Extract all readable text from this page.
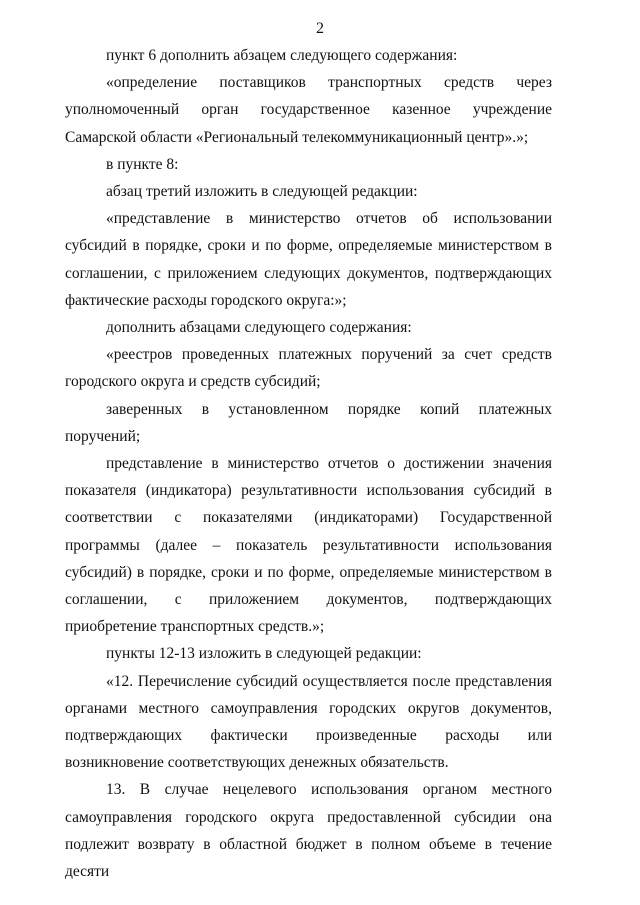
2

пункт 6 дополнить абзацем следующего содержания:

«определение поставщиков транспортных средств через уполномоченный орган государственное казенное учреждение Самарской области «Региональный телекоммуникационный центр».»;

в пункте 8:

абзац третий изложить в следующей редакции:

«представление в министерство отчетов об использовании субсидий в порядке, сроки и по форме, определяемые министерством в соглашении, с приложением следующих документов, подтверждающих фактические расходы городского округа:»;

дополнить абзацами следующего содержания:

«реестров проведенных платежных поручений за счет средств городского округа и средств субсидий;

заверенных в установленном порядке копий платежных поручений;

представление в министерство отчетов о достижении значения показателя (индикатора) результативности использования субсидий в соответствии с показателями (индикаторами) Государственной программы (далее – показатель результативности использования субсидий) в порядке, сроки и по форме, определяемые министерством в соглашении, с приложением документов, подтверждающих приобретение транспортных средств.»;

пункты 12-13 изложить в следующей редакции:

«12. Перечисление субсидий осуществляется после представления органами местного самоуправления городских округов документов, подтверждающих фактически произведенные расходы или возникновение соответствующих денежных обязательств.

13. В случае нецелевого использования органом местного самоуправления городского округа предоставленной субсидии она подлежит возврату в областной бюджет в полном объеме в течение десяти
